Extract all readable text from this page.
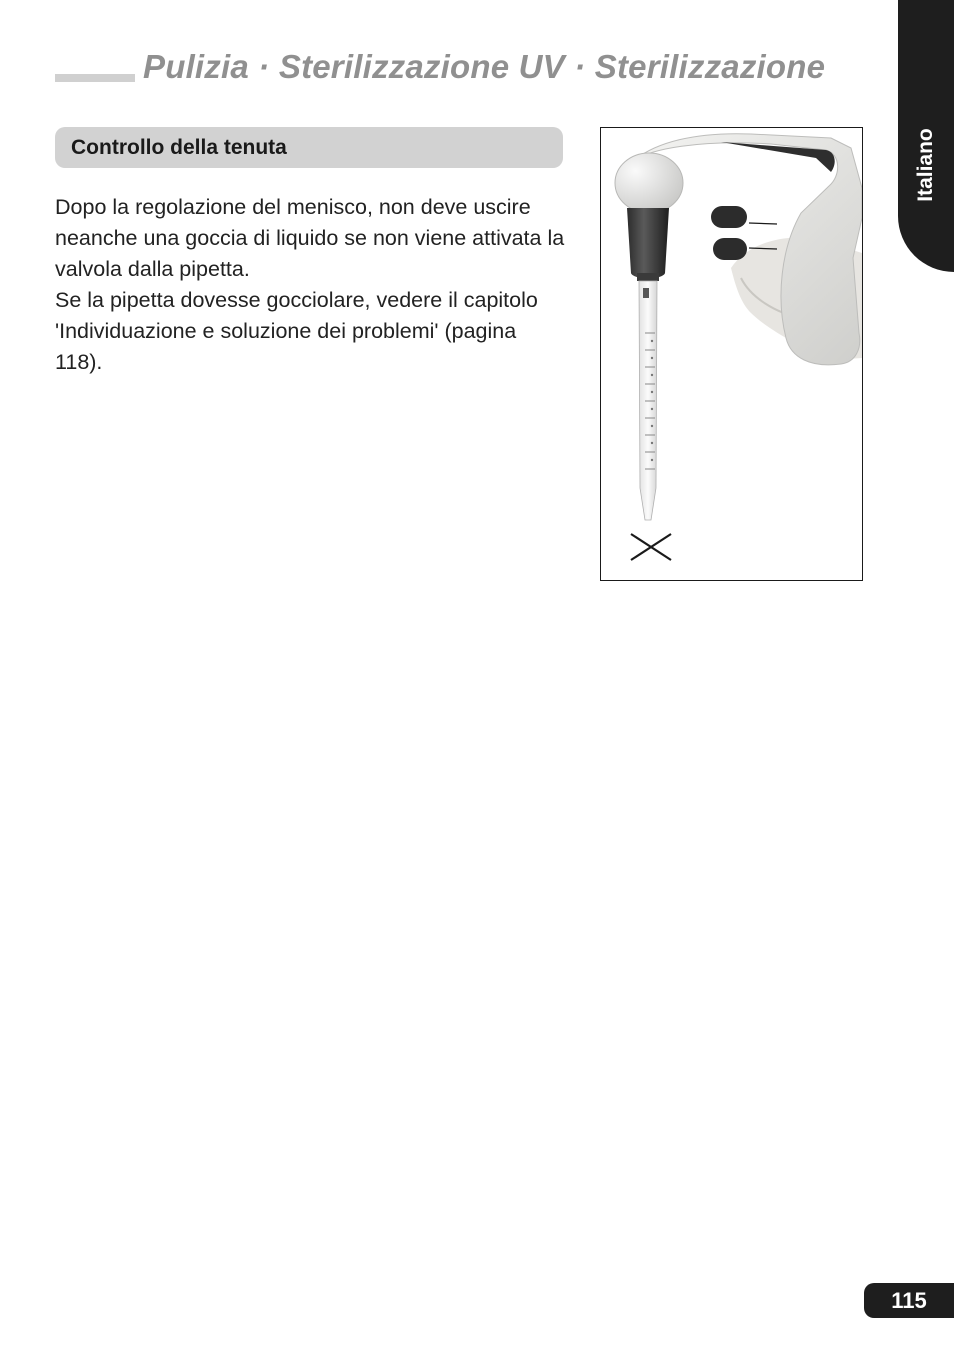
Pulizia · Sterilizzazione UV · Sterilizzazione
Italiano
Controllo della tenuta

Dopo la regolazione del menisco, non deve uscire neanche una goccia di liquido se non viene attivata la valvola dalla pipetta.

Se la pipetta dovesse gocciolare, vedere il capitolo 'Individuazione e soluzione dei problemi' (pagina 118).

115
